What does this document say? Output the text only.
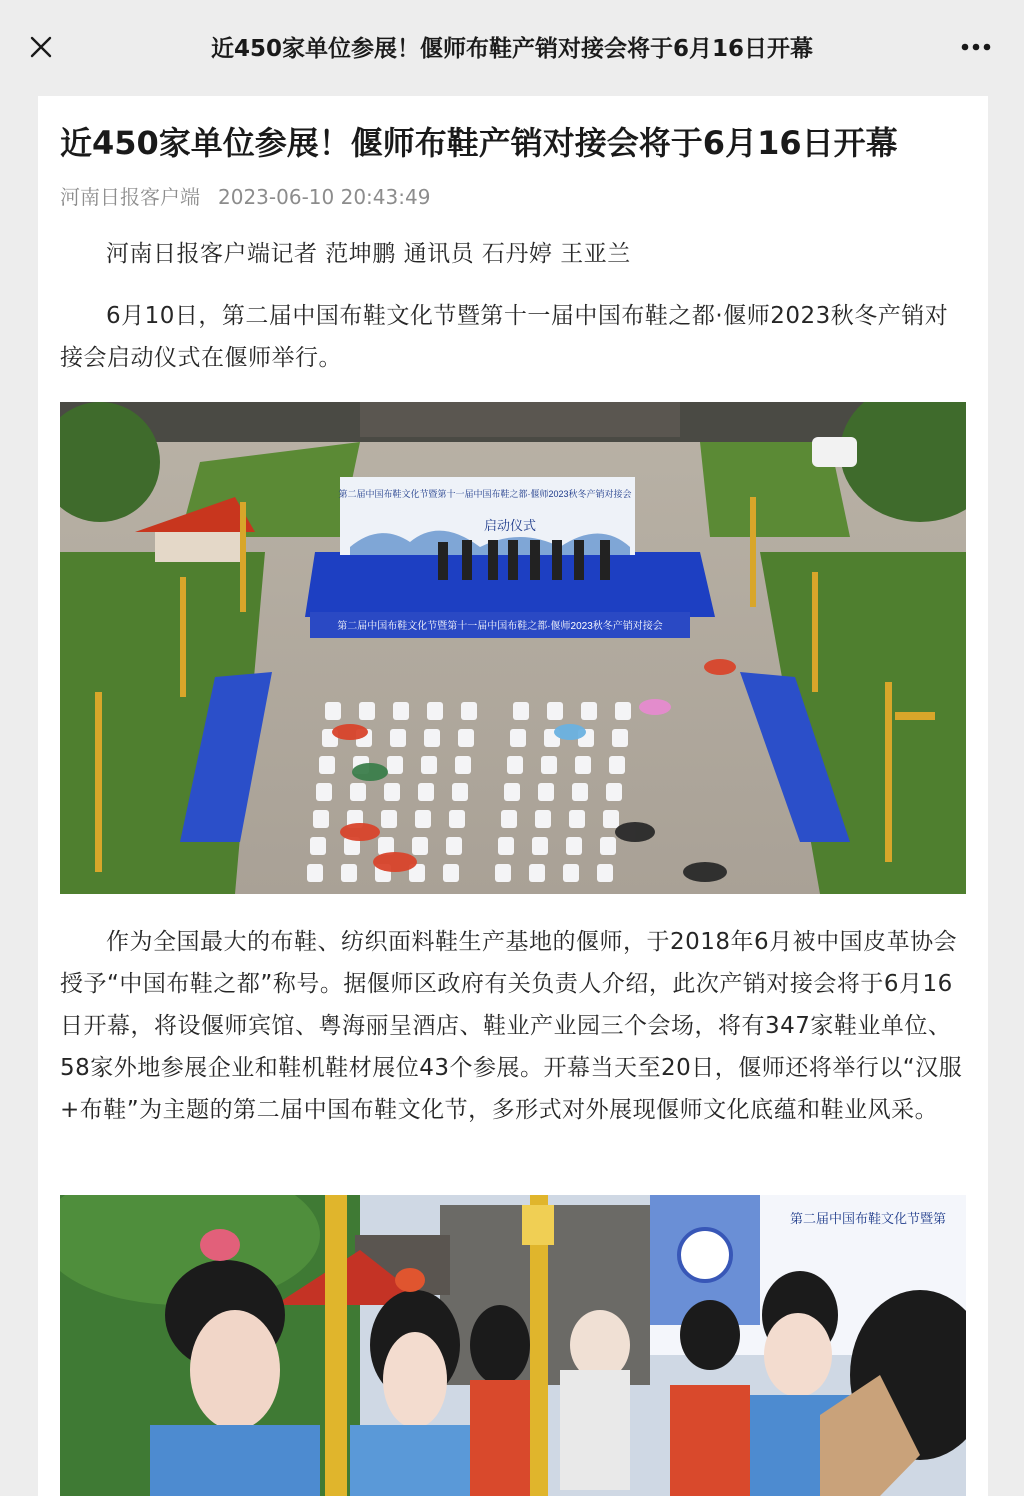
近450家单位参展！偃师布鞋产销对接会将于6月16日开幕
近450家单位参展！偃师布鞋产销对接会将于6月16日开幕
河南日报客户端 2023-06-10 20:43:49
河南日报客户端记者 范坤鹏 通讯员 石丹婷 王亚兰
6月10日，第二届中国布鞋文化节暨第十一届中国布鞋之都·偃师2023秋冬产销对接会启动仪式在偃师举行。
第二届中国布鞋文化节暨第十一届中国布鞋之都·偃师2023秋冬产销对接会
启动仪式
第二届中国布鞋文化节暨第十一届中国布鞋之都·偃师2023秋冬产销对接会
作为全国最大的布鞋、纺织面料鞋生产基地的偃师，于2018年6月被中国皮革协会授予“中国布鞋之都”称号。据偃师区政府有关负责人介绍，此次产销对接会将于6月16日开幕，将设偃师宾馆、粤海丽呈酒店、鞋业产业园三个会场，将有347家鞋业单位、58家外地参展企业和鞋机鞋材展位43个参展。开幕当天至20日，偃师还将举行以“汉服+布鞋”为主题的第二届中国布鞋文化节，多形式对外展现偃师文化底蕴和鞋业风采。
第二届中国布鞋文化节暨第
